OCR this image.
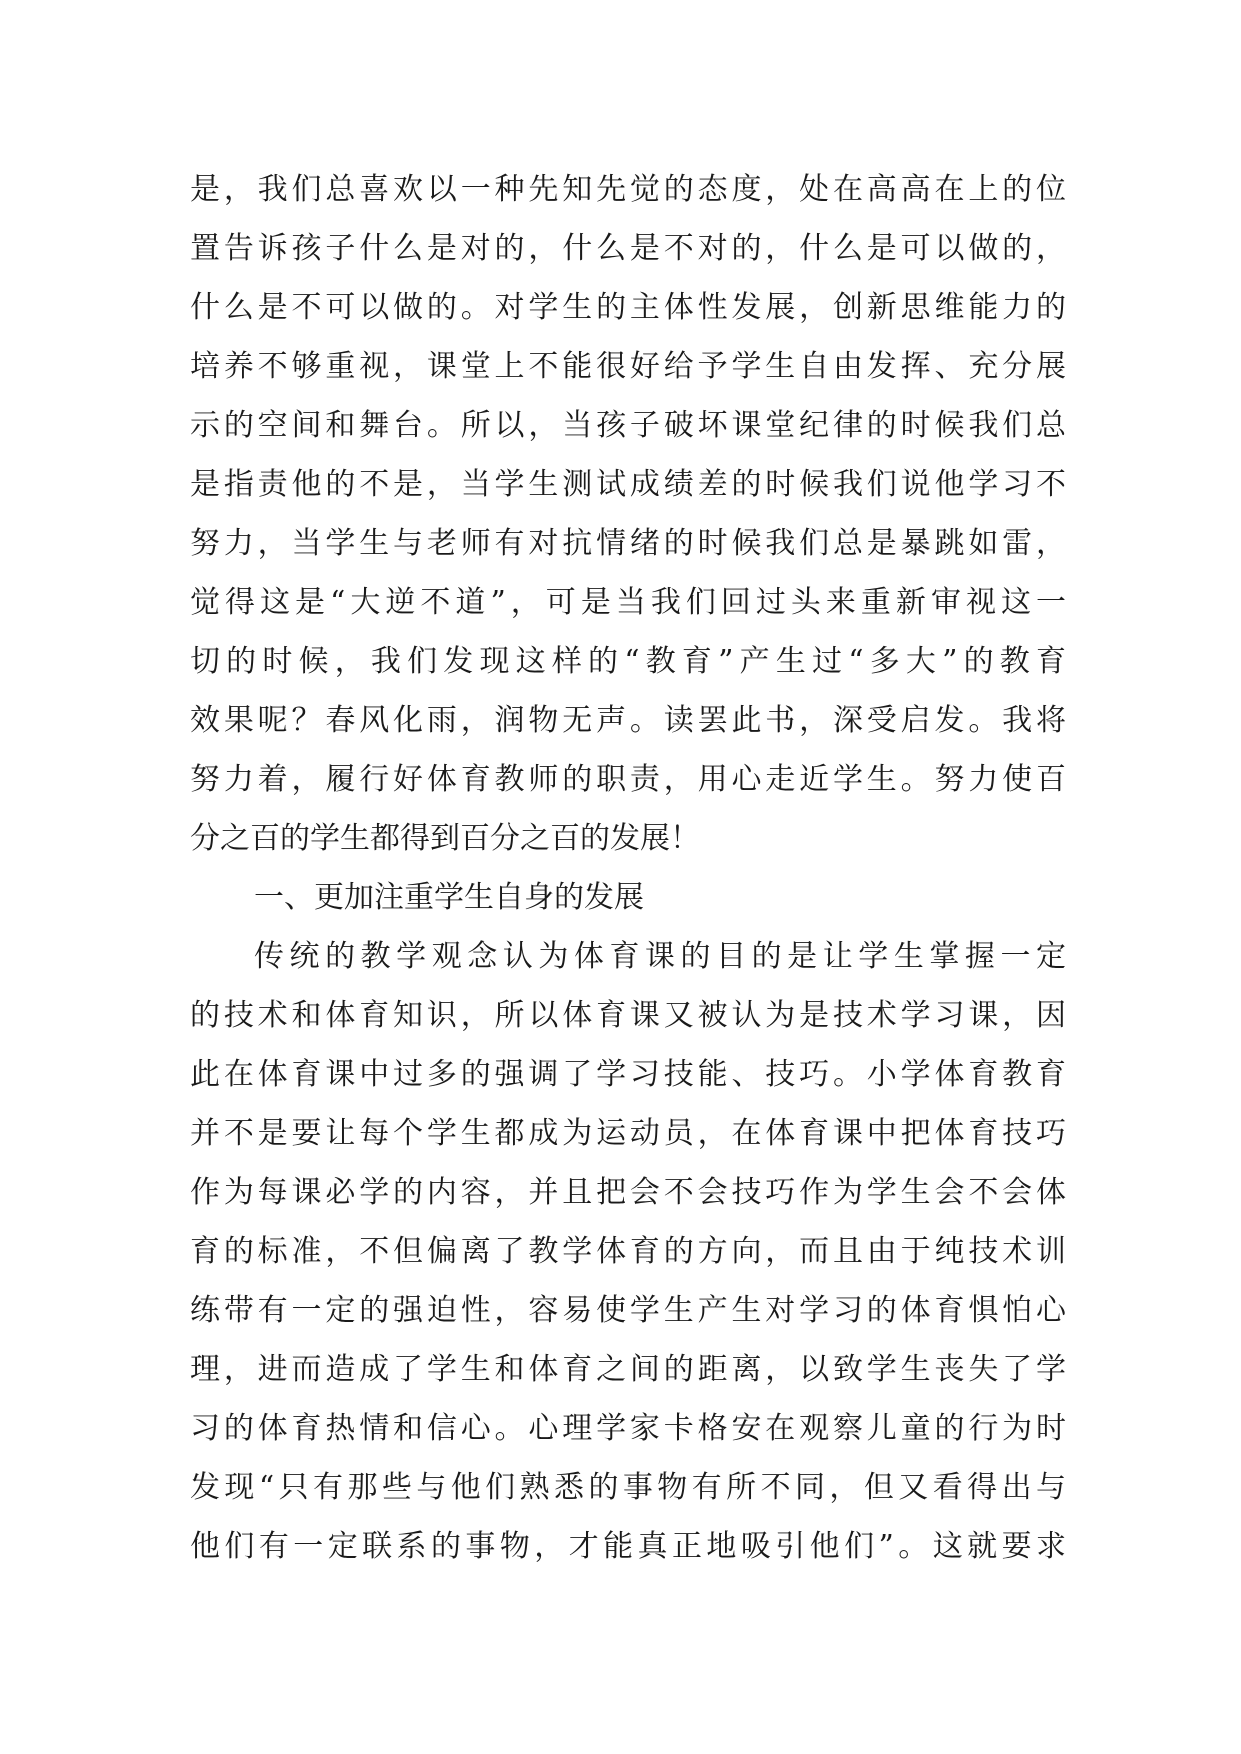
是，我们总喜欢以一种先知先觉的态度，处在高高在上的位
置告诉孩子什么是对的，什么是不对的，什么是可以做的，
什么是不可以做的。对学生的主体性发展，创新思维能力的
培养不够重视，课堂上不能很好给予学生自由发挥、充分展
示的空间和舞台。所以，当孩子破坏课堂纪律的时候我们总
是指责他的不是，当学生测试成绩差的时候我们说他学习不
努力，当学生与老师有对抗情绪的时候我们总是暴跳如雷，
觉得这是“大逆不道”，可是当我们回过头来重新审视这一
切的时候，我们发现这样的“教育”产生过“多大”的教育
效果呢？春风化雨，润物无声。读罢此书，深受启发。我将
努力着，履行好体育教师的职责，用心走近学生。努力使百
分之百的学生都得到百分之百的发展！
一、更加注重学生自身的发展
传统的教学观念认为体育课的目的是让学生掌握一定
的技术和体育知识，所以体育课又被认为是技术学习课，因
此在体育课中过多的强调了学习技能、技巧。小学体育教育
并不是要让每个学生都成为运动员，在体育课中把体育技巧
作为每课必学的内容，并且把会不会技巧作为学生会不会体
育的标准，不但偏离了教学体育的方向，而且由于纯技术训
练带有一定的强迫性，容易使学生产生对学习的体育惧怕心
理，进而造成了学生和体育之间的距离，以致学生丧失了学
习的体育热情和信心。心理学家卡格安在观察儿童的行为时
发现“只有那些与他们熟悉的事物有所不同，但又看得出与
他们有一定联系的事物，才能真正地吸引他们”。这就要求
